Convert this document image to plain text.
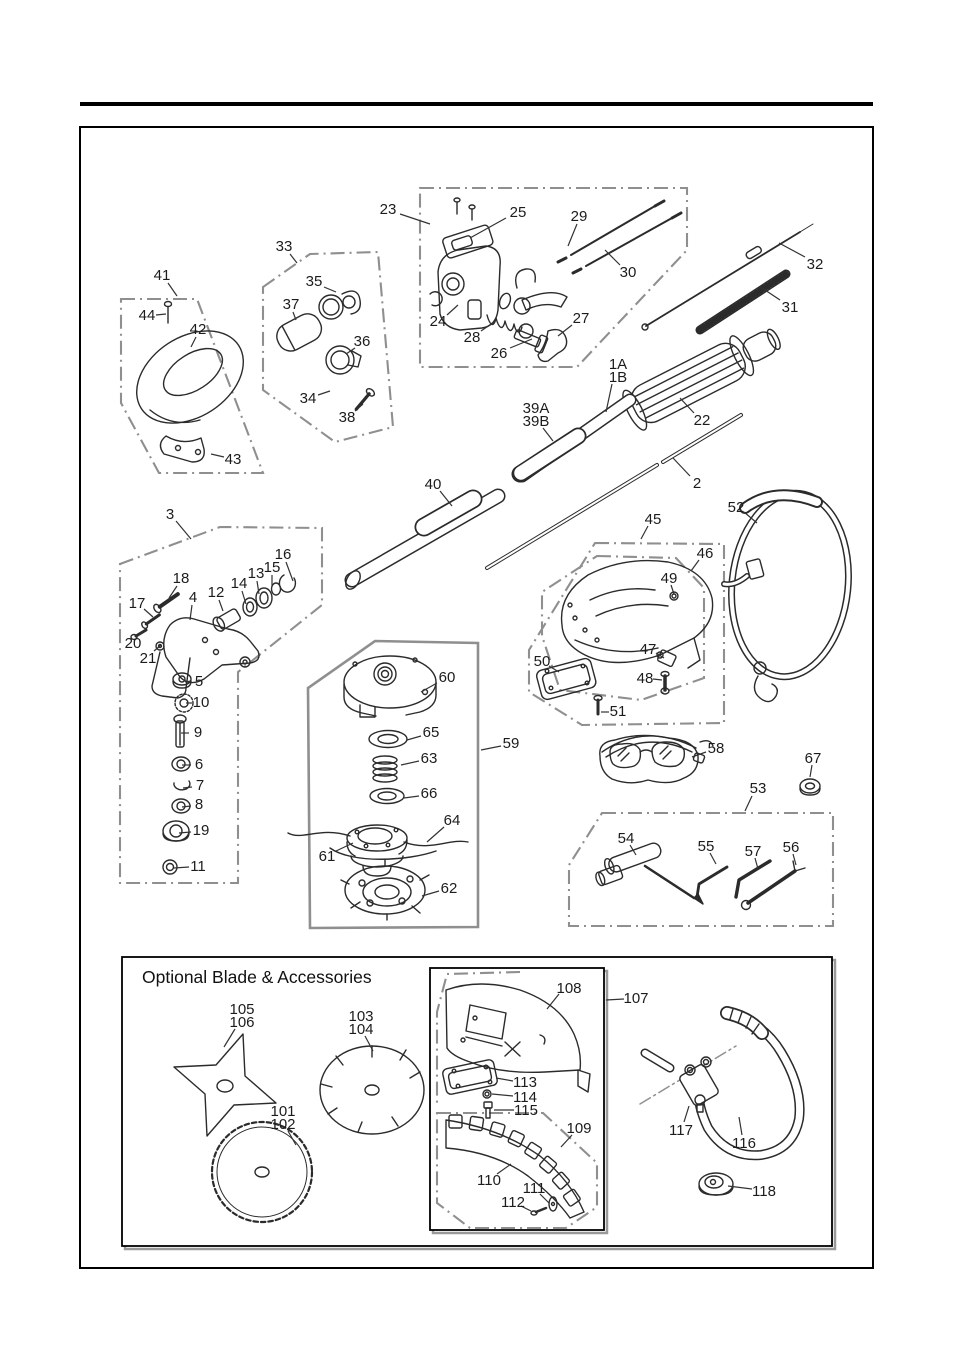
23	25	29
30
24
28
26
27
32
31
33
35
37
36
34
38
41
44
42
43
1A
1B
39A
39B	22
2
40
3
18
17	4 12
14
13 15
16
20
21
5
10
9
6
7
8
19
11
59
60
65
63
66
64
61
62
45
46
49
47
48
50
51
52
58
67
53
54	55 57 56
105
106	103
104
101
102
108
107
113
114
115
109
110 111
112
117
116
118
Optional Blade & Accessories
